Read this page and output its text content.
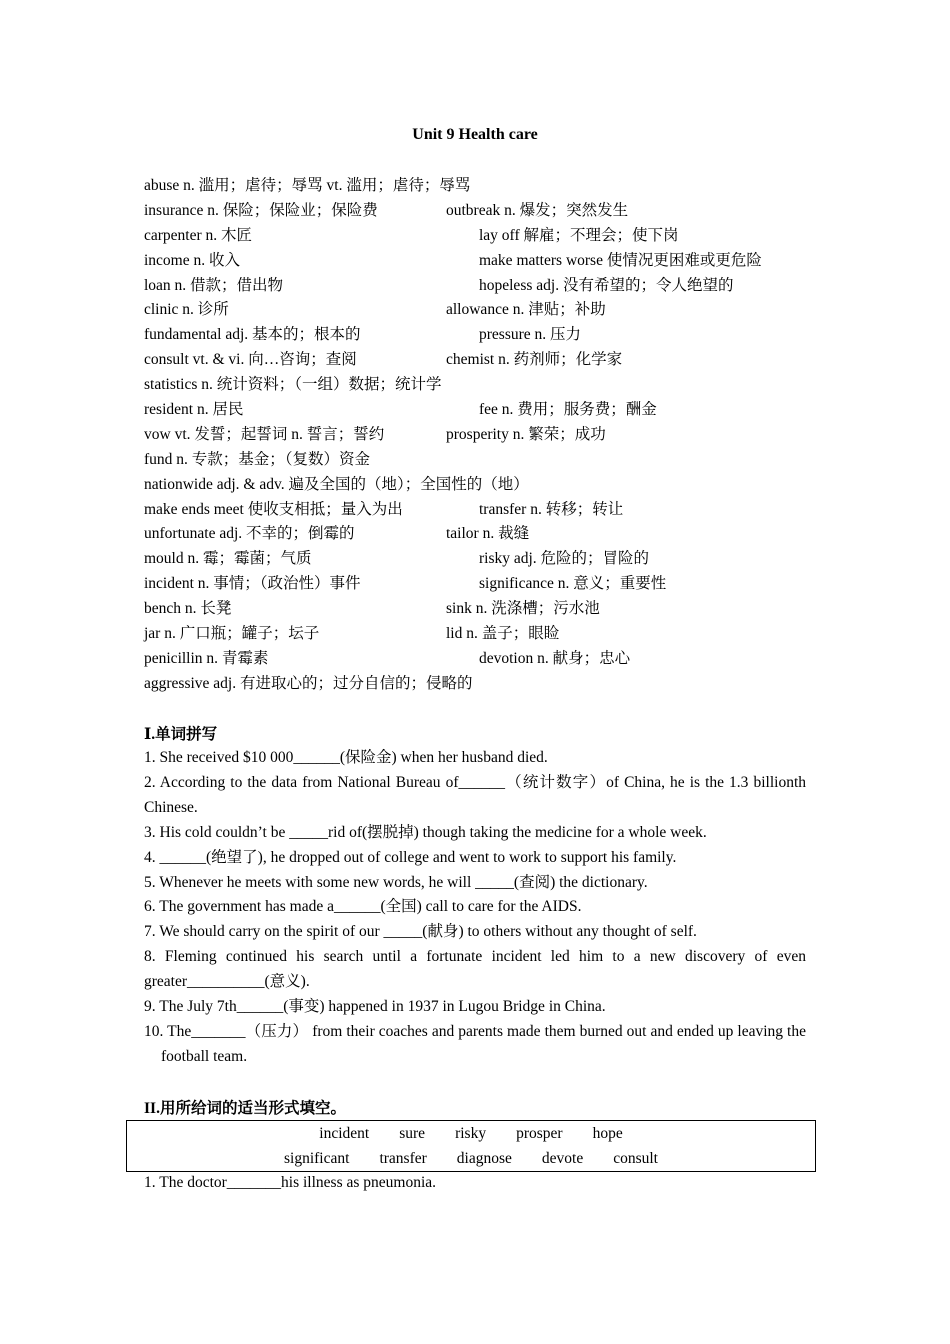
Unit 9 Health care
abuse n. 滥用；虐待；辱骂 vt. 滥用；虐待；辱骂
insurance n. 保险；保险业；保险费	outbreak n. 爆发；突然发生
carpenter n. 木匠	lay off 解雇；不理会；使下岗
income n. 收入	make matters worse 使情况更困难或更危险
loan n. 借款；借出物	hopeless adj. 没有希望的；令人绝望的
clinic n. 诊所	allowance n. 津贴；补助
fundamental adj. 基本的；根本的	pressure n. 压力
consult vt. & vi. 向…咨询；查阅	chemist n. 药剂师；化学家
statistics n. 统计资料；（一组）数据；统计学
resident n. 居民	fee n. 费用；服务费；酬金
vow vt. 发誓；起誓词 n. 誓言；誓约	prosperity n. 繁荣；成功
fund n. 专款；基金；（复数）资金
nationwide adj. & adv. 遍及全国的（地）；全国性的（地）
make ends meet 使收支相抵；量入为出	transfer n. 转移；转让
unfortunate adj. 不幸的；倒霉的	tailor n. 裁缝
mould n. 霉；霉菌；气质	risky adj. 危险的；冒险的
incident n. 事情；（政治性）事件	significance n. 意义；重要性
bench n. 长凳	sink n. 洗涤槽；污水池
jar n. 广口瓶；罐子；坛子	lid n. 盖子；眼睑
penicillin n. 青霉素	devotion n. 献身；忠心
aggressive adj. 有进取心的；过分自信的；侵略的
Ⅰ.单词拼写

1. She received $10 000______(保险金) when her husband died.

2. According to the data from National Bureau of______（统计数字）of China, he is the 1.3 billionth Chinese.

3. His cold couldn’t be _____rid of(摆脱掉) though taking the medicine for a whole week.

4. ______(绝望了), he dropped out of college and went to work to support his family.

5. Whenever he meets with some new words, he will _____(查阅) the dictionary.

6. The government has made a______(全国) call to care for the AIDS.

7. We should carry on the spirit of our _____(献身) to others without any thought of self.

8. Fleming continued his search until a fortunate incident led him to a new discovery of even greater__________(意义).

9. The July 7th______(事变) happened in 1937 in Lugou Bridge in China.

10. The_______（压力） from their coaches and parents made them burned out and ended up leaving the football team.

II.用所给词的适当形式填空。
incident sure risky prosper hope
significant transfer diagnose devote consult
1. The doctor_______his illness as pneumonia.
